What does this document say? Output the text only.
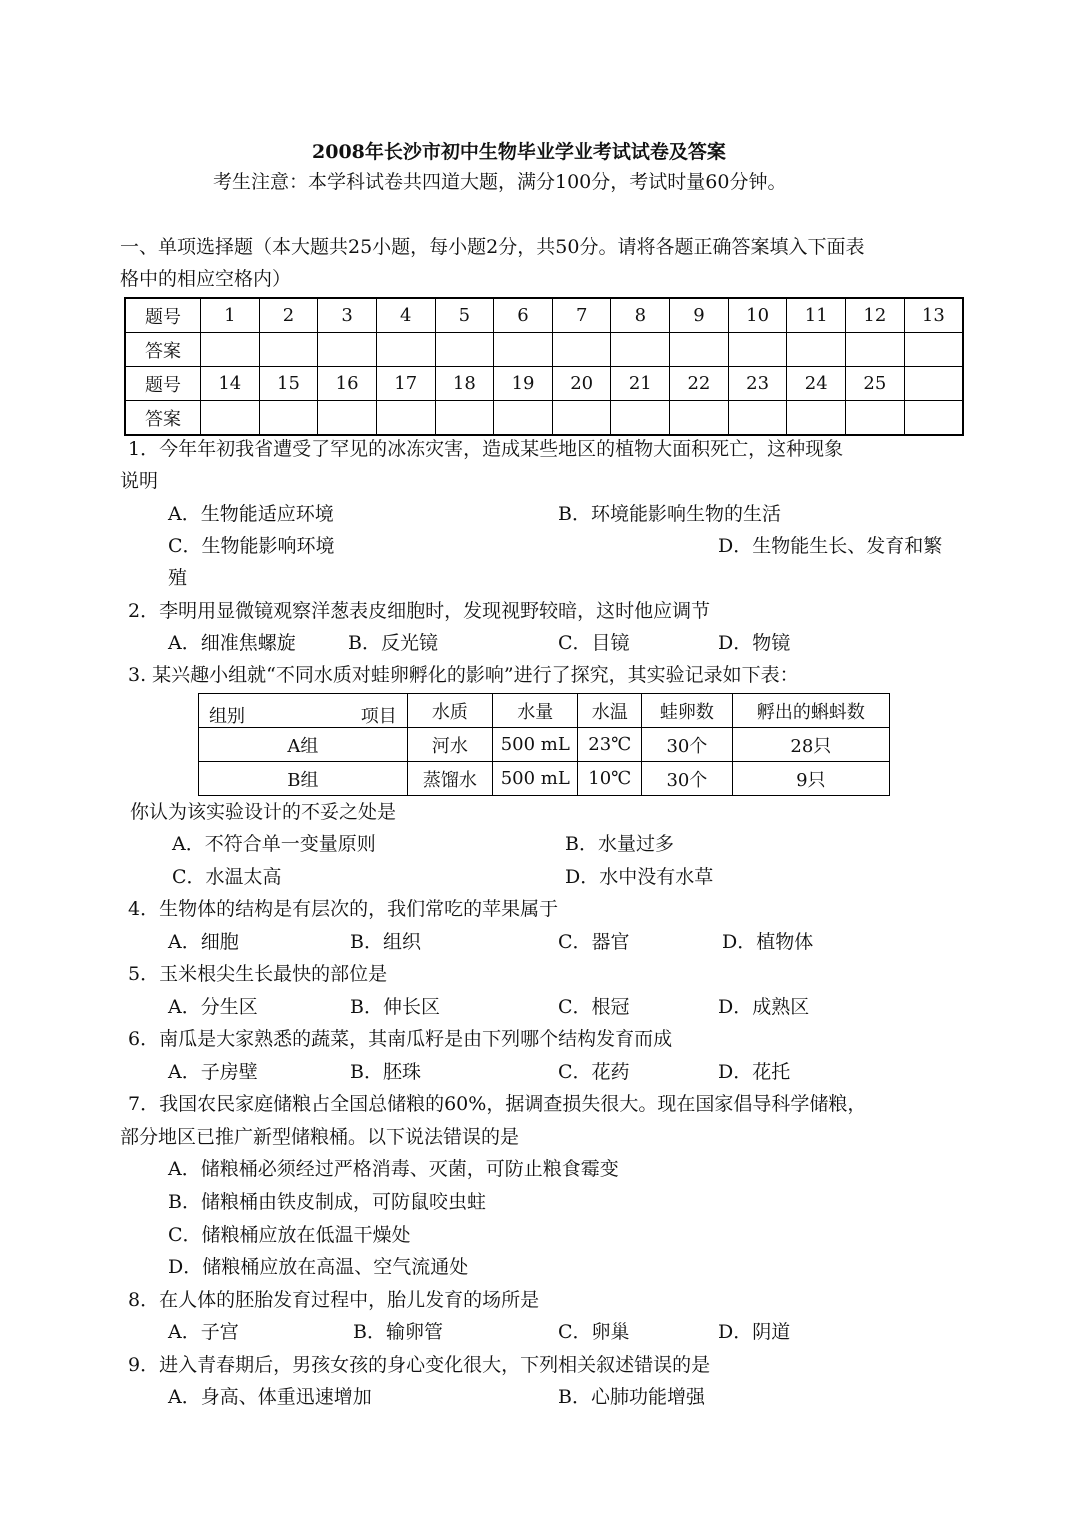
2008年长沙市初中生物毕业学业考试试卷及答案
考生注意：本学科试卷共四道大题，满分100分，考试时量60分钟。
一、单项选择题（本大题共25小题，每小题2分，共50分。请将各题正确答案填入下面表
格中的相应空格内）
题号	1	2	3	4	5	6	7	8	9	10	11	12	13
答案													
题号	14	15	16	17	18	19	20	21	22	23	24	25	
答案													
1．今年年初我省遭受了罕见的冰冻灾害，造成某些地区的植物大面积死亡，这种现象
说明
A．生物能适应环境	B．环境能影响生物的生活
C．生物能影响环境	D．生物能生长、发育和繁
殖
2．李明用显微镜观察洋葱表皮细胞时，发现视野较暗，这时他应调节
A．细准焦螺旋	B．反光镜	C．目镜	D．物镜
3. 某兴趣小组就“不同水质对蛙卵孵化的影响”进行了探究，其实验记录如下表：
组别 项目	水质	水量	水温	蛙卵数	孵出的蝌蚪数
A组	河水	500 mL	23℃	30个	28只
B组	蒸馏水	500 mL	10℃	30个	9只
你认为该实验设计的不妥之处是
A．不符合单一变量原则	B．水量过多
C．水温太高	D．水中没有水草
4．生物体的结构是有层次的，我们常吃的苹果属于
A．细胞	B．组织	C．器官	D．植物体
5．玉米根尖生长最快的部位是
A．分生区	B．伸长区	C．根冠	D．成熟区
6．南瓜是大家熟悉的蔬菜，其南瓜籽是由下列哪个结构发育而成
A．子房壁	B．胚珠	C．花药	D．花托
7．我国农民家庭储粮占全国总储粮的60%，据调查损失很大。现在国家倡导科学储粮，
部分地区已推广新型储粮桶。以下说法错误的是
A．储粮桶必须经过严格消毒、灭菌，可防止粮食霉变
B．储粮桶由铁皮制成，可防鼠咬虫蛀
C．储粮桶应放在低温干燥处
D．储粮桶应放在高温、空气流通处
8．在人体的胚胎发育过程中，胎儿发育的场所是
A．子宫	B．输卵管	C．卵巢	D．阴道
9．进入青春期后，男孩女孩的身心变化很大，下列相关叙述错误的是
A．身高、体重迅速增加	B．心肺功能增强
